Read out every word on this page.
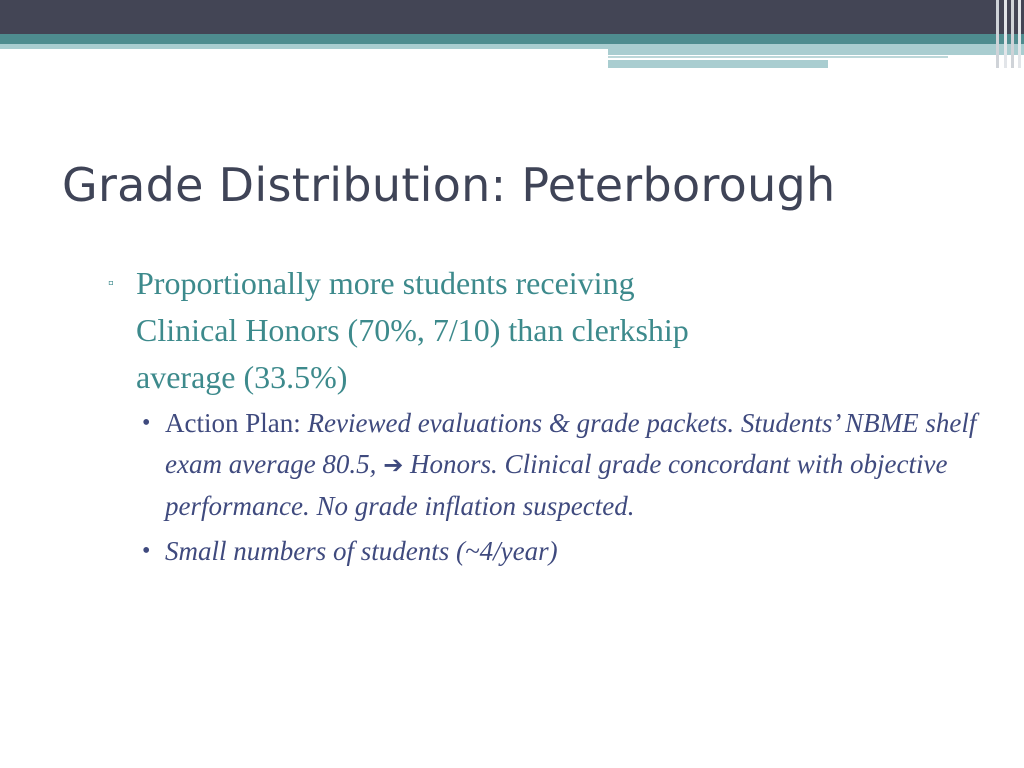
Grade Distribution: Peterborough
▫ Proportionally more students receiving
Clinical Honors (70%, 7/10) than clerkship
average (33.5%)
• Action Plan: Reviewed evaluations & grade packets. Students’ NBME shelf exam average 80.5, ➔ Honors. Clinical grade concordant with objective performance. No grade inflation suspected.
• Small numbers of students (~4/year)
